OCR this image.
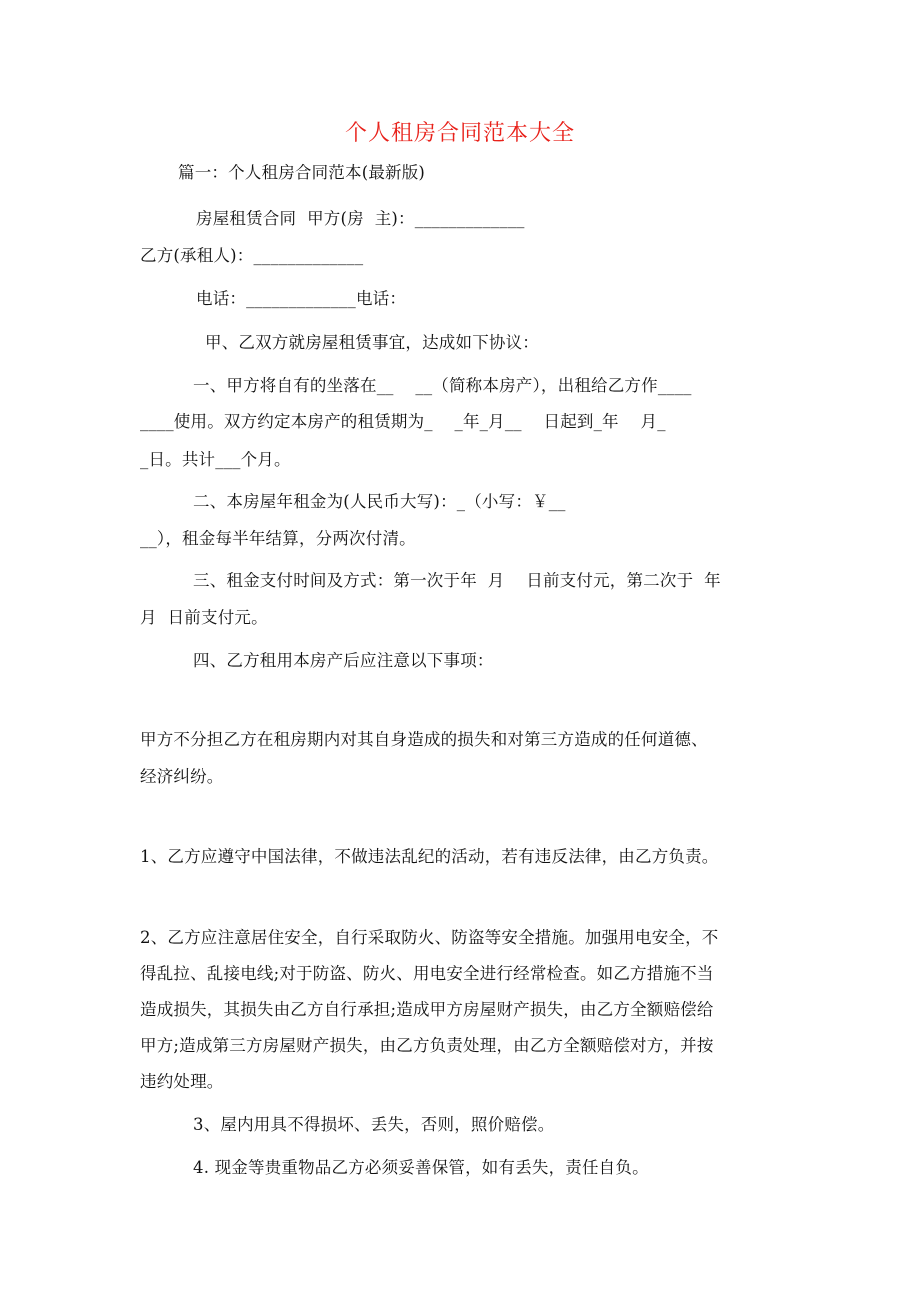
个人租房合同范本大全
篇一：个人租房合同范本(最新版)
房屋租赁合同  甲方(房  主)：_____________
乙方(承租人)：_____________
电话：_____________电话：
甲、乙双方就房屋租赁事宜，达成如下协议：
一、甲方将自有的坐落在__    __（简称本房产），出租给乙方作____
____使用。双方约定本房产的租赁期为_    _年_月__    日起到_年    月_
_日。共计___个月。
二、本房屋年租金为(人民币大写)：_（小写：￥__
__），租金每半年结算，分两次付清。
三、租金支付时间及方式：第一次于年  月    日前支付元，第二次于  年
月  日前支付元。
四、乙方租用本房产后应注意以下事项：
甲方不分担乙方在租房期内对其自身造成的损失和对第三方造成的任何道德、
经济纠纷。
1、乙方应遵守中国法律，不做违法乱纪的活动，若有违反法律，由乙方负责。
2、乙方应注意居住安全，自行采取防火、防盗等安全措施。加强用电安全，不
得乱拉、乱接电线;对于防盗、防火、用电安全进行经常检查。如乙方措施不当
造成损失，其损失由乙方自行承担;造成甲方房屋财产损失，由乙方全额赔偿给
甲方;造成第三方房屋财产损失，由乙方负责处理，由乙方全额赔偿对方，并按
违约处理。
3、屋内用具不得损坏、丢失，否则，照价赔偿。
4. 现金等贵重物品乙方必须妥善保管，如有丢失，责任自负。
